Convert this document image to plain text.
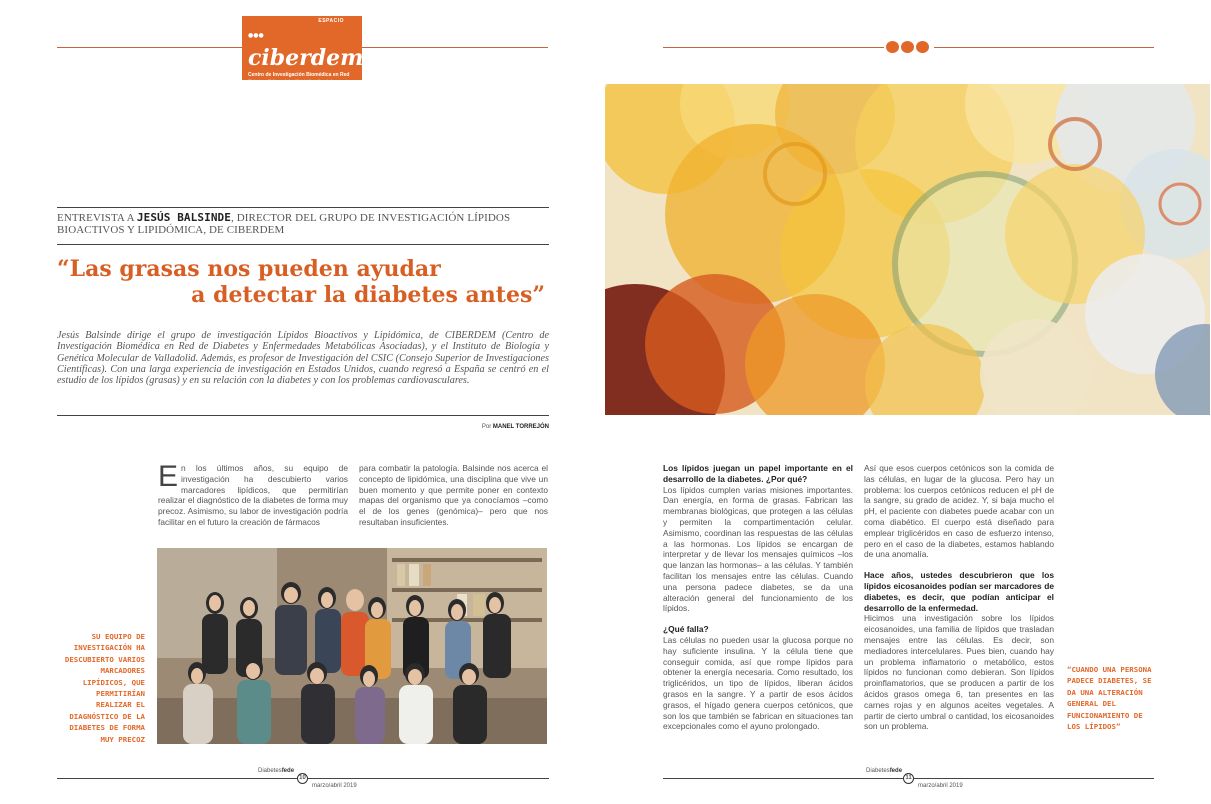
ESPACIO
●●●ciberdem
Centro de Investigación Biomédica en Red
Diabetes y Enfermedades Metabólicas Asociadas
ENTREVISTA A JESÚS BALSINDE, DIRECTOR DEL GRUPO DE INVESTIGACIÓN LÍPIDOS BIOACTIVOS Y LIPIDÓMICA, DE CIBERDEM
“Las grasas nos pueden ayudar
a detectar la diabetes antes”
Jesús Balsinde dirige el grupo de investigación Lípidos Bioactivos y Lipidómica, de CIBERDEM (Centro de Investigación Biomédica en Red de Diabetes y Enfermedades Metabólicas Asociadas), y el Instituto de Biología y Genética Molecular de Valladolid. Además, es profesor de Investigación del CSIC (Consejo Superior de Investigaciones Científicas). Con una larga experiencia de investigación en Estados Unidos, cuando regresó a España se centró en el estudio de los lípidos (grasas) y en su relación con la diabetes y con los problemas cardiovasculares.
Por MANEL TORREJÓN
En los últimos años, su equipo de investigación ha descubierto varios marcadores lipídicos, que permitirían realizar el diagnóstico de la diabetes de forma muy precoz. Asimismo, su labor de investigación podría facilitar en el futuro la creación de fármacos
para combatir la patología. Balsinde nos acerca el concepto de lipidómica, una disciplina que vive un buen momento y que permite poner en contexto mapas del organismo que ya conocíamos –como el de los genes (genómica)– pero que nos resultaban insuficientes.
SU EQUIPO DE INVESTIGACIÓN HA DESCUBIERTO VARIOS MARCADORES LIPÍDICOS, QUE PERMITIRÍAN REALIZAR EL DIAGNÓSTICO DE LA DIABETES DE FORMA MUY PRECOZ

Los lípidos juegan un papel importante en el desarrollo de la diabetes. ¿Por qué?
Los lípidos cumplen varias misiones importantes. Dan energía, en forma de grasas. Fabrican las membranas biológicas, que protegen a las células y permiten la compartimentación celular. Asimismo, coordinan las respuestas de las células a las hormonas. Los lípidos se encargan de interpretar y de llevar los mensajes químicos –los que lanzan las hormonas– a las células. Y también facilitan los mensajes entre las células. Cuando una persona padece diabetes, se da una alteración general del funcionamiento de los lípidos.

¿Qué falla?
Las células no pueden usar la glucosa porque no hay suficiente insulina. Y la célula tiene que conseguir comida, así que rompe lípidos para obtener la energía necesaria. Como resultado, los triglicéridos, un tipo de lípidos, liberan ácidos grasos en la sangre. Y a partir de esos ácidos grasos, el hígado genera cuerpos cetónicos, que son los que también se fabrican en situaciones tan excepcionales como el ayuno prolongado.

Así que esos cuerpos cetónicos son la comida de las células, en lugar de la glucosa. Pero hay un problema: los cuerpos cetónicos reducen el pH de la sangre, su grado de acidez. Y, si baja mucho el pH, el paciente con diabetes puede acabar con un coma diabético. El cuerpo está diseñado para emplear triglicéridos en caso de esfuerzo intenso, pero en el caso de la diabetes, estamos hablando de una anomalía.

Hace años, ustedes descubrieron que los lípidos eicosanoides podían ser marcadores de diabetes, es decir, que podían anticipar el desarrollo de la enfermedad.
Hicimos una investigación sobre los lípidos eicosanoides, una familia de lípidos que trasladan mensajes entre las células. Es decir, son mediadores intercelulares. Pues bien, cuando hay un problema inflamatorio o metabólico, estos lípidos no funcionan como debieran. Son lípidos proinflamatorios, que se producen a partir de los ácidos grasos omega 6, tan presentes en las carnes rojas y en algunos aceites vegetales. A partir de cierto umbral o cantidad, los eicosanoides son un problema.

“CUANDO UNA PERSONA PADECE DIABETES, SE DA UNA ALTERACIÓN GENERAL DEL FUNCIONAMIENTO DE LOS LÍPIDOS”
Diabetesfede
10
marzo/abril 2019
Diabetesfede
11
marzo/abril 2019
